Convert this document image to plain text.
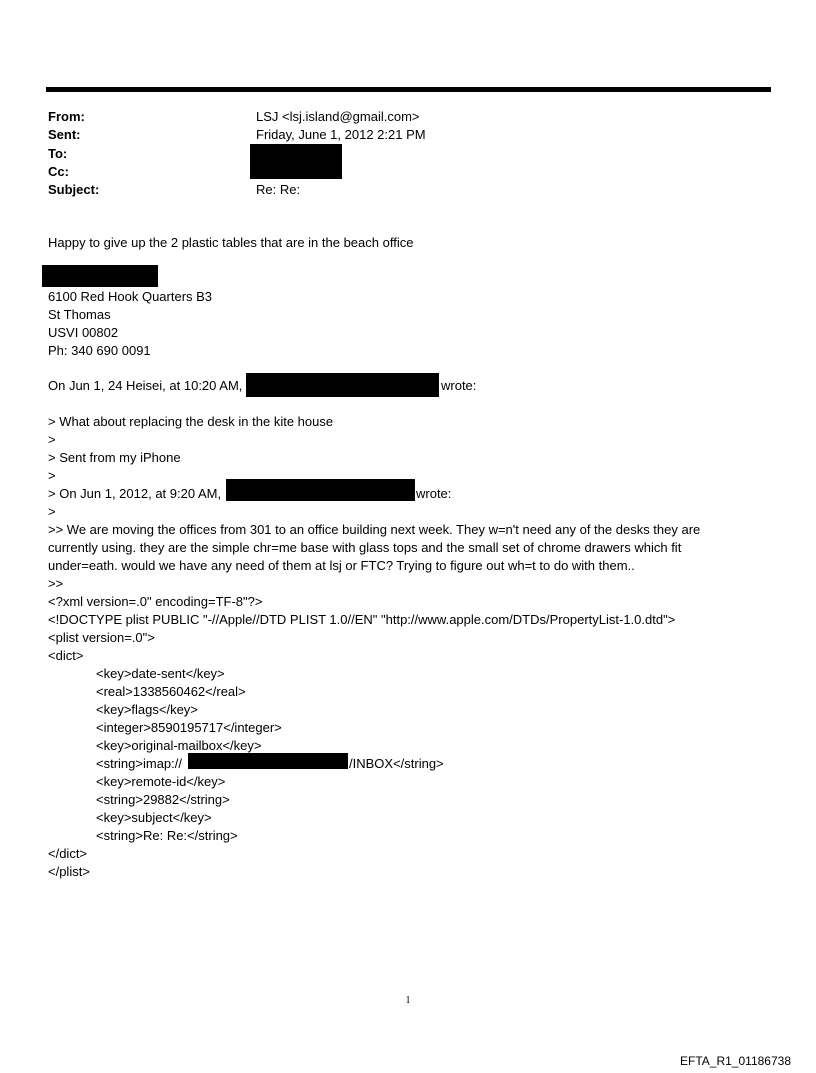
From:	LSJ <lsj.island@gmail.com>
Sent:	Friday, June 1, 2012 2:21 PM
To:
Cc:
Subject:	Re: Re:
Happy to give up the 2 plastic tables that are in the beach office
6100 Red Hook Quarters B3
St Thomas
USVI 00802
Ph: 340 690 0091
On Jun 1, 24 Heisei, at 10:20 AM,	wrote:
> What about replacing the desk in the kite house
>
> Sent from my iPhone
>
> On Jun 1, 2012, at 9:20 AM,	wrote:
>
>> We are moving the offices from 301 to an office building next week. They w=n't need any of the desks they are
currently using. they are the simple chr=me base with glass tops and the small set of chrome drawers which fit
under=eath. would we have any need of them at lsj or FTC? Trying to figure out wh=t to do with them..
>>
<?xml version=.0" encoding=TF-8"?>
<!DOCTYPE plist PUBLIC "-//Apple//DTD PLIST 1.0//EN" "http://www.apple.com/DTDs/PropertyList-1.0.dtd">
<plist version=.0">
<dict>
<key>date-sent</key>
<real>1338560462</real>
<key>flags</key>
<integer>8590195717</integer>
<key>original-mailbox</key>
<string>imap://	/INBOX</string>
<key>remote-id</key>
<string>29882</string>
<key>subject</key>
<string>Re: Re:</string>
</dict>
</plist>
1
EFTA_R1_01186738
